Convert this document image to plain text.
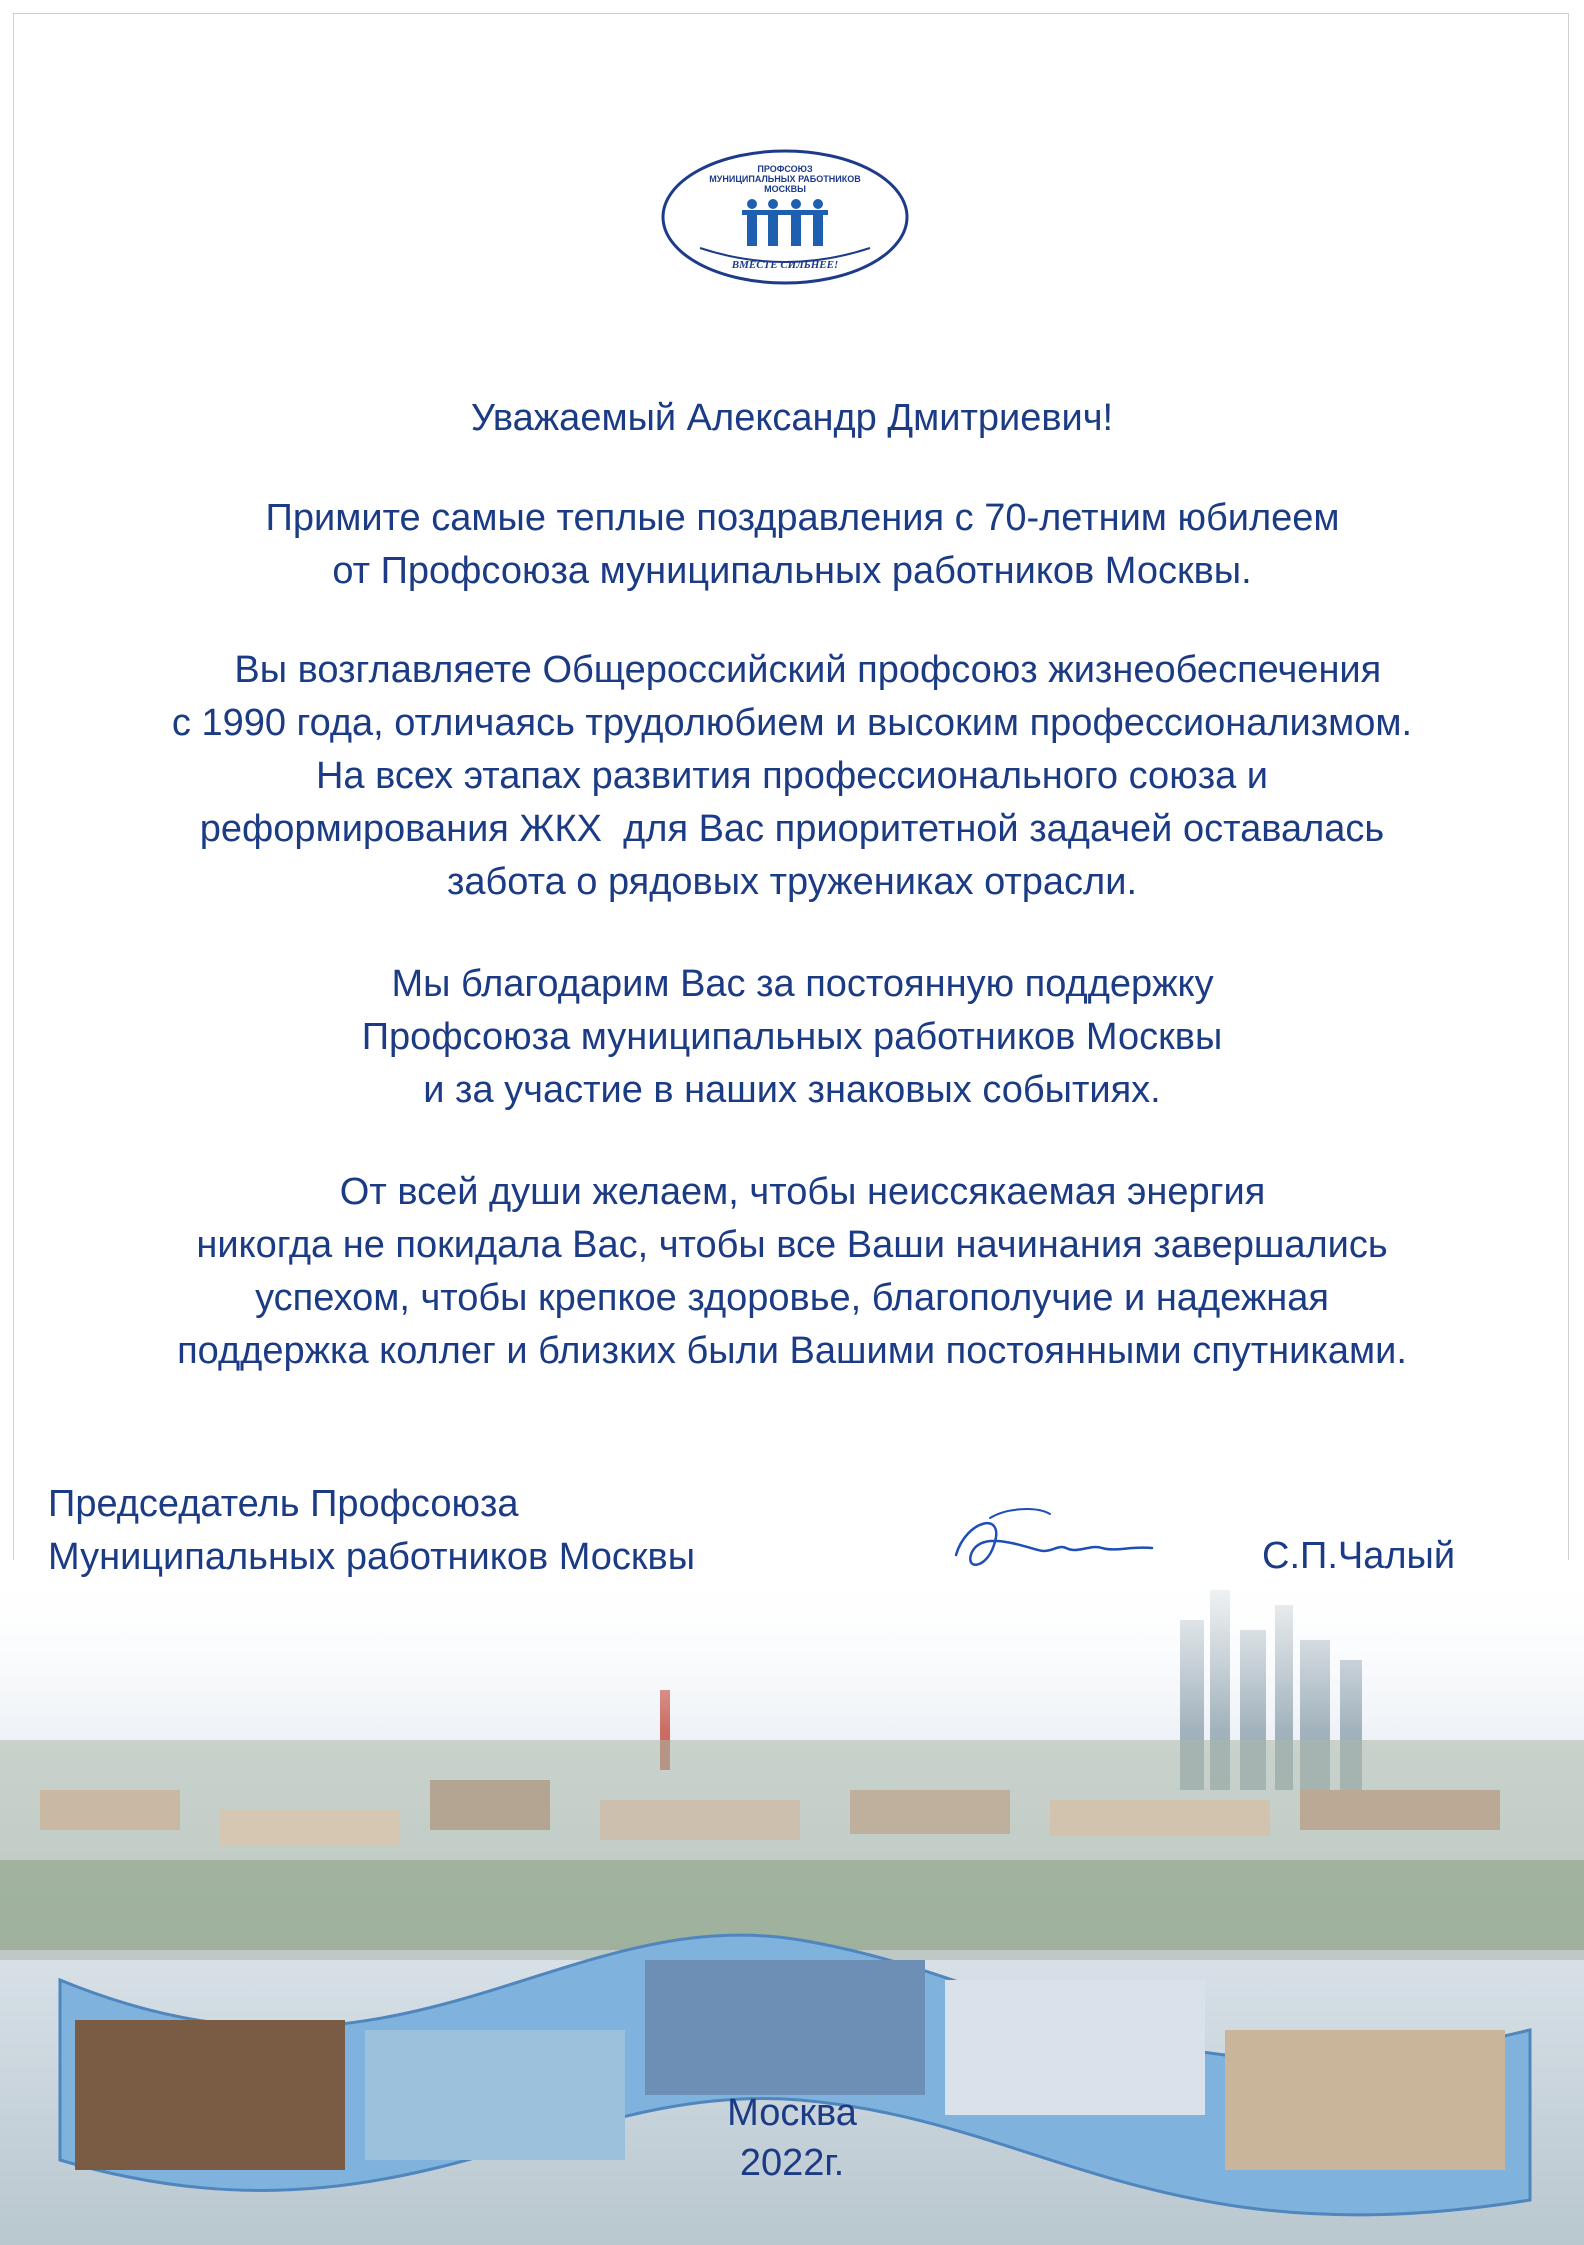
ПРОФСОЮЗ
МУНИЦИПАЛЬНЫХ РАБОТНИКОВ
МОСКВЫ
ВМЕСТЕ СИЛЬНЕЕ!
Уважаемый Александр Дмитриевич!
Примите самые теплые поздравления с 70-летним юбилеем
от Профсоюза муниципальных работников Москвы.
Вы возглавляете Общероссийский профсоюз жизнеобеспечения
с 1990 года, отличаясь трудолюбием и высоким профессионализмом.
На всех этапах развития профессионального союза и
реформирования ЖКХ  для Вас приоритетной задачей оставалась
забота о рядовых тружениках отрасли.
Мы благодарим Вас за постоянную поддержку
Профсоюза муниципальных работников Москвы
и за участие в наших знаковых событиях.
От всей души желаем, чтобы неиссякаемая энергия
никогда не покидала Вас, чтобы все Ваши начинания завершались
успехом, чтобы крепкое здоровье, благополучие и надежная
поддержка коллег и близких были Вашими постоянными спутниками.
Председатель Профсоюза
Муниципальных работников Москвы	С.П.Чалый
Москва
2022г.
